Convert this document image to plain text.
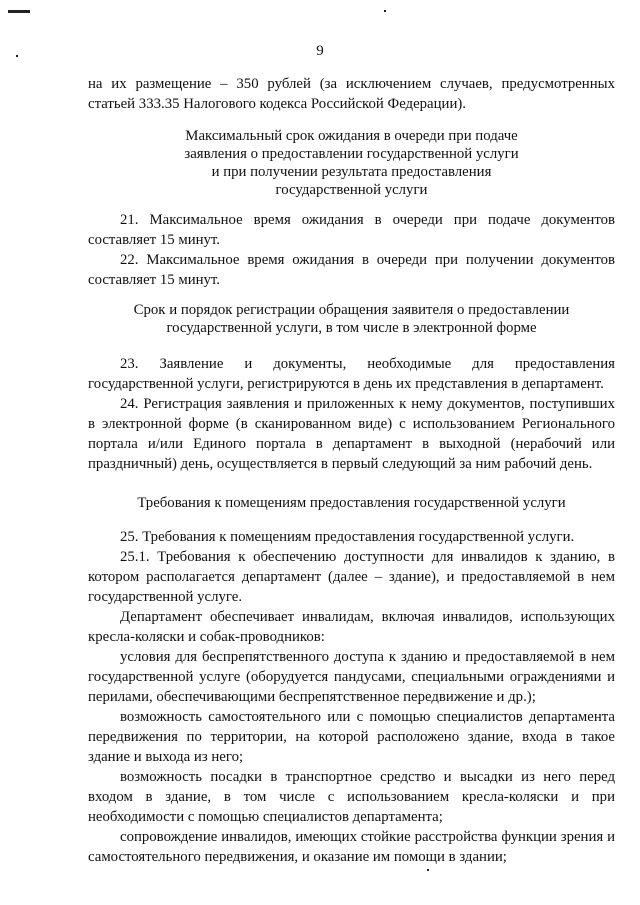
9

на их размещение – 350 рублей (за исключением случаев, предусмотренных статьей 333.35 Налогового кодекса Российской Федерации).

Максимальный срок ожидания в очереди при подаче
заявления о предоставлении государственной услуги
и при получении результата предоставления
государственной услуги

21. Максимальное время ожидания в очереди при подаче документов составляет 15 минут.

22. Максимальное время ожидания в очереди при получении документов составляет 15 минут.

Срок и порядок регистрации обращения заявителя о предоставлении
государственной услуги, в том числе в электронной форме

23. Заявление и документы, необходимые для предоставления государственной услуги, регистрируются в день их представления в департамент.

24. Регистрация заявления и приложенных к нему документов, поступивших в электронной форме (в сканированном виде) с использованием Регионального портала и/или Единого портала в департамент в выходной (нерабочий или праздничный) день, осуществляется в первый следующий за ним рабочий день.

Требования к помещениям предоставления государственной услуги

25. Требования к помещениям предоставления государственной услуги.

25.1. Требования к обеспечению доступности для инвалидов к зданию, в котором располагается департамент (далее – здание), и предоставляемой в нем государственной услуге.

Департамент обеспечивает инвалидам, включая инвалидов, использующих кресла-коляски и собак-проводников:

условия для беспрепятственного доступа к зданию и предоставляемой в нем государственной услуге (оборудуется пандусами, специальными ограждениями и перилами, обеспечивающими беспрепятственное передвижение и др.);

возможность самостоятельного или с помощью специалистов департамента передвижения по территории, на которой расположено здание, входа в такое здание и выхода из него;

возможность посадки в транспортное средство и высадки из него перед входом в здание, в том числе с использованием кресла-коляски и при необходимости с помощью специалистов департамента;

сопровождение инвалидов, имеющих стойкие расстройства функции зрения и самостоятельного передвижения, и оказание им помощи в здании;
